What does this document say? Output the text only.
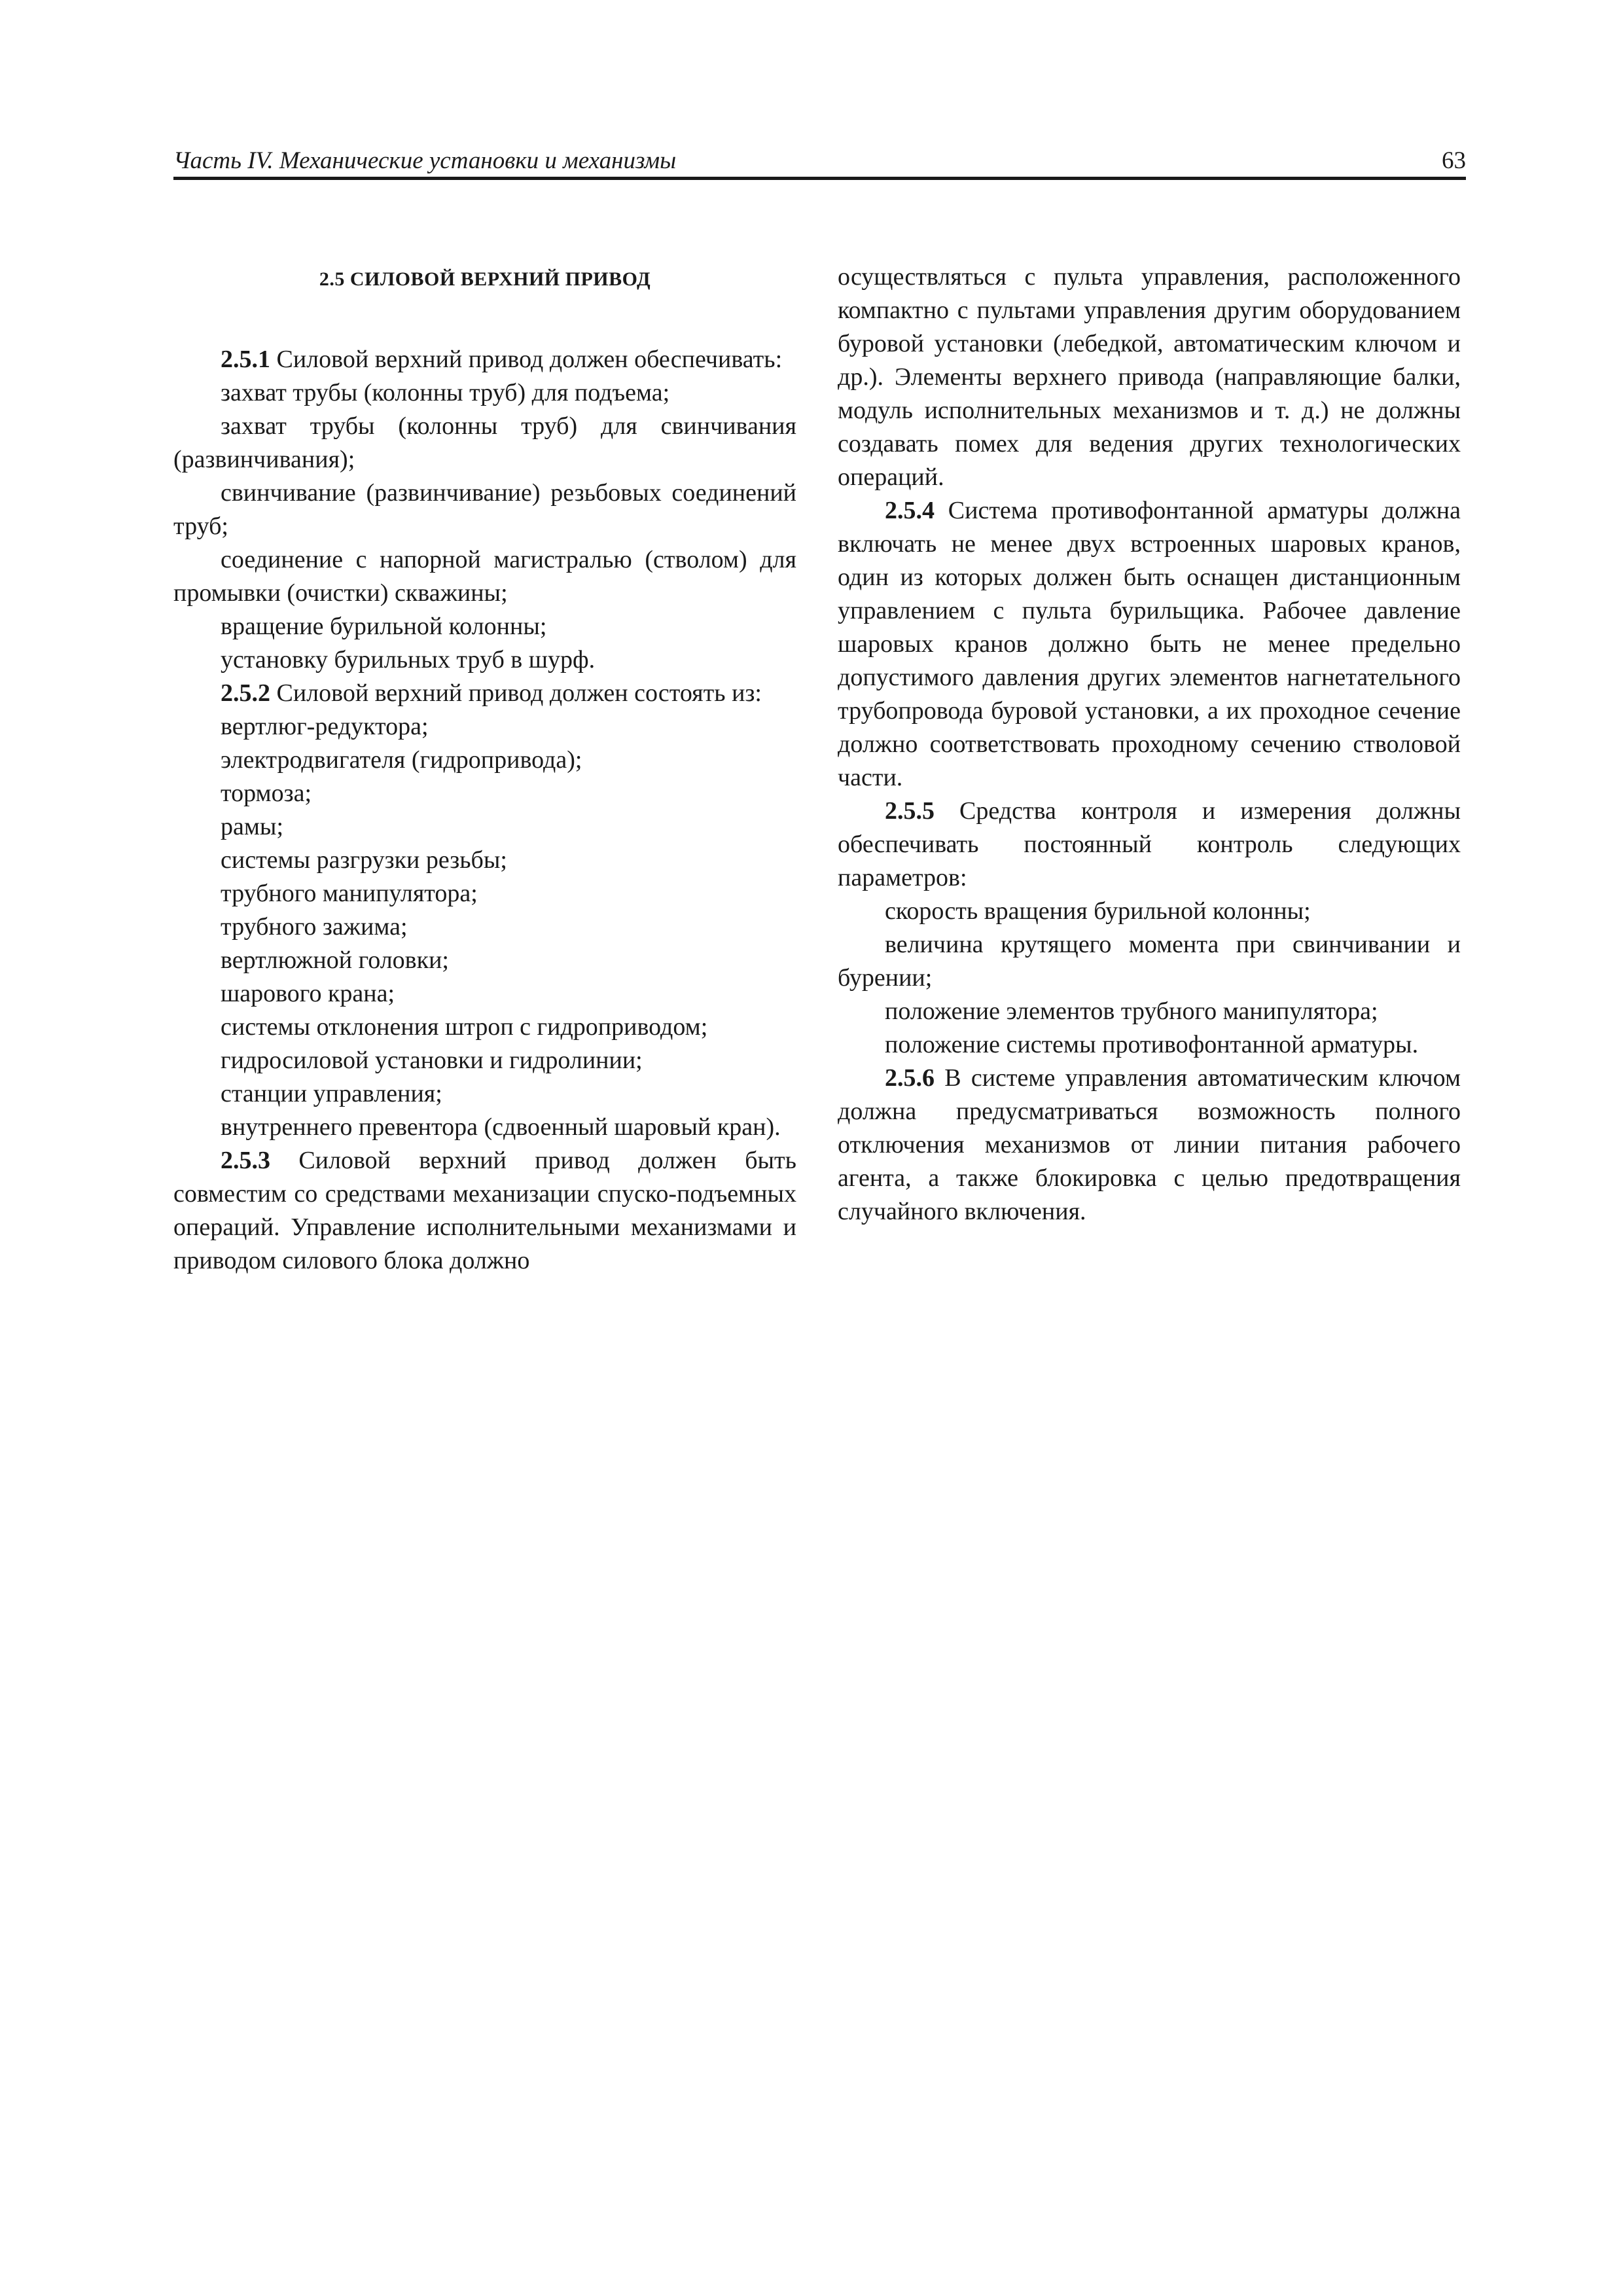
Часть IV. Механические установки и механизмы	63
2.5 СИЛОВОЙ ВЕРХНИЙ ПРИВОД

2.5.1 Силовой верхний привод должен обеспечивать:

захват трубы (колонны труб) для подъема;

захват трубы (колонны труб) для свинчивания (развинчивания);

свинчивание (развинчивание) резьбовых соединений труб;

соединение с напорной магистралью (стволом) для промывки (очистки) скважины;

вращение бурильной колонны;

установку бурильных труб в шурф.

2.5.2 Силовой верхний привод должен состоять из:

вертлюг-редуктора;

электродвигателя (гидропривода);

тормоза;

рамы;

системы разгрузки резьбы;

трубного манипулятора;

трубного зажима;

вертлюжной головки;

шарового крана;

системы отклонения штроп с гидроприводом;

гидросиловой установки и гидролинии;

станции управления;

внутреннего превентора (сдвоенный шаровый кран).

2.5.3 Силовой верхний привод должен быть совместим со средствами механизации спуско-подъемных операций. Управление исполнительными механизмами и приводом силового блока должно

осуществляться с пульта управления, расположенного компактно с пультами управления другим оборудованием буровой установки (лебедкой, автоматическим ключом и др.). Элементы верхнего привода (направляющие балки, модуль исполнительных механизмов и т. д.) не должны создавать помех для ведения других технологических операций.

2.5.4 Система противофонтанной арматуры должна включать не менее двух встроенных шаровых кранов, один из которых должен быть оснащен дистанционным управлением с пульта бурильщика. Рабочее давление шаровых кранов должно быть не менее предельно допустимого давления других элементов нагнетательного трубопровода буровой установки, а их проходное сечение должно соответствовать проходному сечению стволовой части.

2.5.5 Средства контроля и измерения должны обеспечивать постоянный контроль следующих параметров:

скорость вращения бурильной колонны;

величина крутящего момента при свинчивании и бурении;

положение элементов трубного манипулятора;

положение системы противофонтанной арматуры.

2.5.6 В системе управления автоматическим ключом должна предусматриваться возможность полного отключения механизмов от линии питания рабочего агента, а также блокировка с целью предотвращения случайного включения.
